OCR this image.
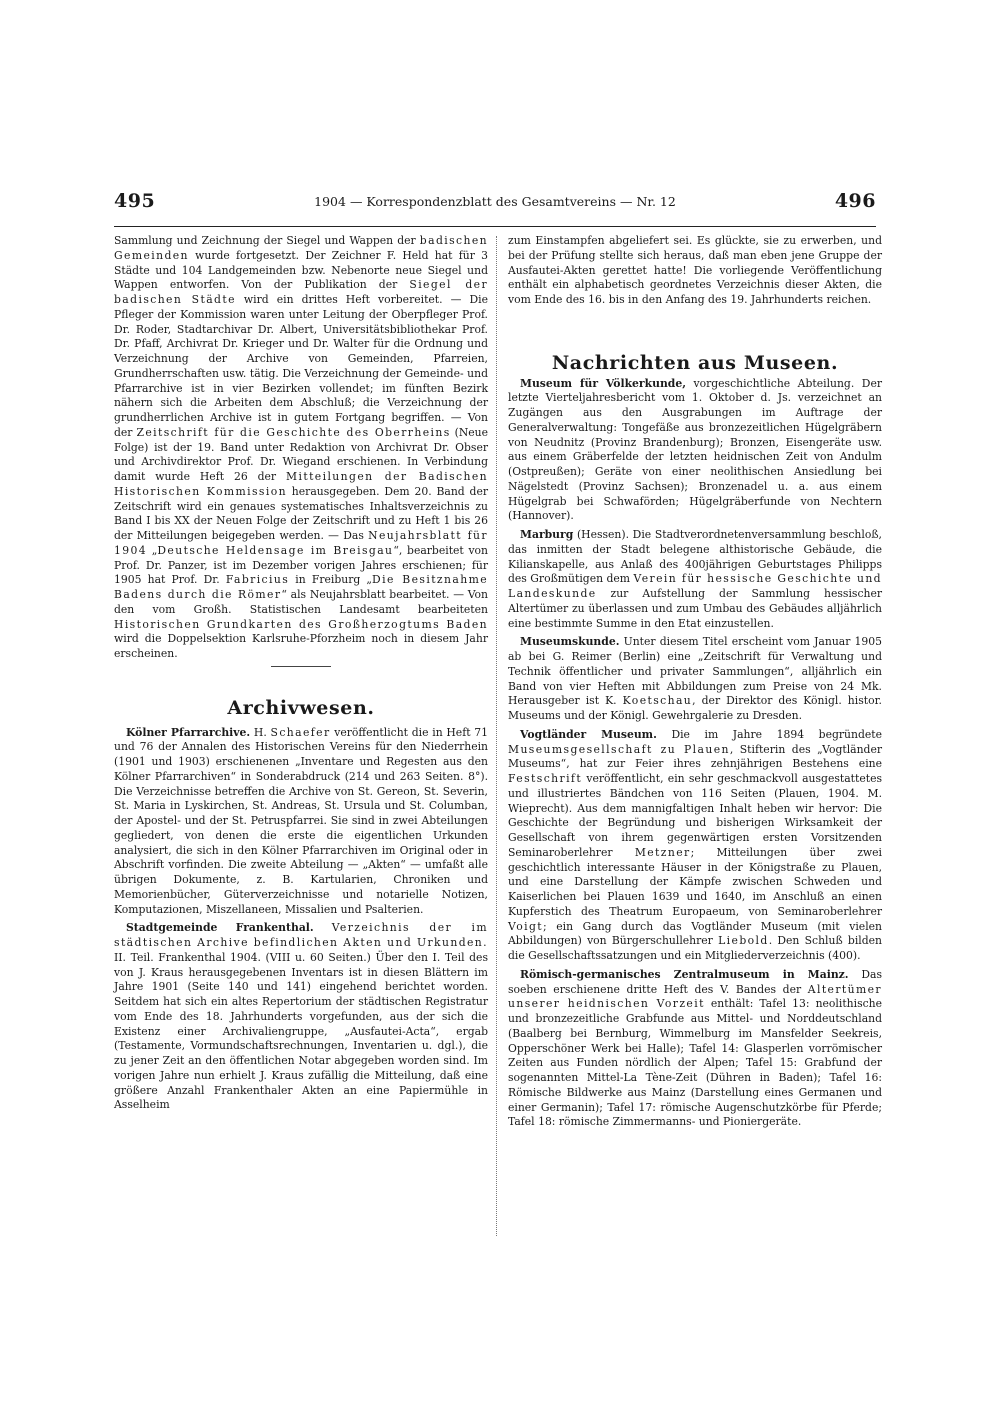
495	1904 — Korrespondenzblatt des Gesamtvereins — Nr. 12	496

Sammlung und Zeichnung der Siegel und Wappen der badischen Gemeinden wurde fortgesetzt. Der Zeichner F. Held hat für 3 Städte und 104 Landgemeinden bzw. Nebenorte neue Siegel und Wappen entworfen. Von der Publikation der Siegel der badischen Städte wird ein drittes Heft vorbereitet. — Die Pfleger der Kommission waren unter Leitung der Oberpfleger Prof. Dr. Roder, Stadtarchivar Dr. Albert, Universitätsbibliothekar Prof. Dr. Pfaff, Archivrat Dr. Krieger und Dr. Walter für die Ordnung und Verzeichnung der Archive von Gemeinden, Pfarreien, Grundherrschaften usw. tätig. Die Verzeichnung der Gemeinde- und Pfarrarchive ist in vier Bezirken vollendet; im fünften Bezirk nähern sich die Arbeiten dem Abschluß; die Verzeichnung der grundherrlichen Archive ist in gutem Fortgang begriffen. — Von der Zeitschrift für die Geschichte des Oberrheins (Neue Folge) ist der 19. Band unter Redaktion von Archivrat Dr. Obser und Archivdirektor Prof. Dr. Wiegand erschienen. In Verbindung damit wurde Heft 26 der Mitteilungen der Badischen Historischen Kommission herausgegeben. Dem 20. Band der Zeitschrift wird ein genaues systematisches Inhaltsverzeichnis zu Band I bis XX der Neuen Folge der Zeitschrift und zu Heft 1 bis 26 der Mitteilungen beigegeben werden. — Das Neujahrsblatt für 1904 „Deutsche Heldensage im Breisgau“, bearbeitet von Prof. Dr. Panzer, ist im Dezember vorigen Jahres erschienen; für 1905 hat Prof. Dr. Fabricius in Freiburg „Die Besitznahme Badens durch die Römer“ als Neujahrsblatt bearbeitet. — Von den vom Großh. Statistischen Landesamt bearbeiteten Historischen Grundkarten des Großherzogtums Baden wird die Doppelsektion Karlsruhe-Pforzheim noch in diesem Jahr erscheinen.

Archivwesen.

Kölner Pfarrarchive. H. Schaefer veröffentlicht die in Heft 71 und 76 der Annalen des Historischen Vereins für den Niederrhein (1901 und 1903) erschienenen „Inventare und Regesten aus den Kölner Pfarrarchiven“ in Sonderabdruck (214 und 263 Seiten. 8°). Die Verzeichnisse betreffen die Archive von St. Gereon, St. Severin, St. Maria in Lyskirchen, St. Andreas, St. Ursula und St. Columban, der Apostel- und der St. Petruspfarrei. Sie sind in zwei Abteilungen gegliedert, von denen die erste die eigentlichen Urkunden analysiert, die sich in den Kölner Pfarrarchiven im Original oder in Abschrift vorfinden. Die zweite Abteilung — „Akten“ — umfaßt alle übrigen Dokumente, z. B. Kartularien, Chroniken und Memorienbücher, Güterverzeichnisse und notarielle Notizen, Komputazionen, Miszellaneen, Missalien und Psalterien.

Stadtgemeinde Frankenthal. Verzeichnis der im städtischen Archive befindlichen Akten und Urkunden. II. Teil. Frankenthal 1904. (VIII u. 60 Seiten.) Über den I. Teil des von J. Kraus herausgegebenen Inventars ist in diesen Blättern im Jahre 1901 (Seite 140 und 141) eingehend berichtet worden. Seitdem hat sich ein altes Repertorium der städtischen Registratur vom Ende des 18. Jahrhunderts vorgefunden, aus der sich die Existenz einer Archivaliengruppe, „Ausfautei-Acta“, ergab (Testamente, Vormundschaftsrechnungen, Inventarien u. dgl.), die zu jener Zeit an den öffentlichen Notar abgegeben worden sind. Im vorigen Jahre nun erhielt J. Kraus zufällig die Mitteilung, daß eine größere Anzahl Frankenthaler Akten an eine Papiermühle in Asselheim

zum Einstampfen abgeliefert sei. Es glückte, sie zu erwerben, und bei der Prüfung stellte sich heraus, daß man eben jene Gruppe der Ausfautei-Akten gerettet hatte! Die vorliegende Veröffentlichung enthält ein alphabetisch geordnetes Verzeichnis dieser Akten, die vom Ende des 16. bis in den Anfang des 19. Jahrhunderts reichen.

Nachrichten aus Museen.

Museum für Völkerkunde, vorgeschichtliche Abteilung. Der letzte Vierteljahresbericht vom 1. Oktober d. Js. verzeichnet an Zugängen aus den Ausgrabungen im Auftrage der Generalverwaltung: Tongefäße aus bronzezeitlichen Hügelgräbern von Neudnitz (Provinz Brandenburg); Bronzen, Eisengeräte usw. aus einem Gräberfelde der letzten heidnischen Zeit von Andulm (Ostpreußen); Geräte von einer neolithischen Ansiedlung bei Nägelstedt (Provinz Sachsen); Bronzenadel u. a. aus einem Hügelgrab bei Schwaförden; Hügelgräberfunde von Nechtern (Hannover).

Marburg (Hessen). Die Stadtverordnetenversammlung beschloß, das inmitten der Stadt belegene althistorische Gebäude, die Kilianskapelle, aus Anlaß des 400jährigen Geburtstages Philipps des Großmütigen dem Verein für hessische Geschichte und Landeskunde zur Aufstellung der Sammlung hessischer Altertümer zu überlassen und zum Umbau des Gebäudes alljährlich eine bestimmte Summe in den Etat einzustellen.

Museumskunde. Unter diesem Titel erscheint vom Januar 1905 ab bei G. Reimer (Berlin) eine „Zeitschrift für Verwaltung und Technik öffentlicher und privater Sammlungen“, alljährlich ein Band von vier Heften mit Abbildungen zum Preise von 24 Mk. Herausgeber ist K. Koetschau, der Direktor des Königl. histor. Museums und der Königl. Gewehrgalerie zu Dresden.

Vogtländer Museum. Die im Jahre 1894 begründete Museumsgesellschaft zu Plauen, Stifterin des „Vogtländer Museums“, hat zur Feier ihres zehnjährigen Bestehens eine Festschrift veröffentlicht, ein sehr geschmackvoll ausgestattetes und illustriertes Bändchen von 116 Seiten (Plauen, 1904. M. Wieprecht). Aus dem mannigfaltigen Inhalt heben wir hervor: Die Geschichte der Begründung und bisherigen Wirksamkeit der Gesellschaft von ihrem gegenwärtigen ersten Vorsitzenden Seminaroberlehrer Metzner; Mitteilungen über zwei geschichtlich interessante Häuser in der Königstraße zu Plauen, und eine Darstellung der Kämpfe zwischen Schweden und Kaiserlichen bei Plauen 1639 und 1640, im Anschluß an einen Kupferstich des Theatrum Europaeum, von Seminaroberlehrer Voigt; ein Gang durch das Vogtländer Museum (mit vielen Abbildungen) von Bürgerschullehrer Liebold. Den Schluß bilden die Gesellschaftssatzungen und ein Mitgliederverzeichnis (400).

Römisch-germanisches Zentralmuseum in Mainz. Das soeben erschienene dritte Heft des V. Bandes der Altertümer unserer heidnischen Vorzeit enthält: Tafel 13: neolithische und bronzezeitliche Grabfunde aus Mittel- und Norddeutschland (Baalberg bei Bernburg, Wimmelburg im Mansfelder Seekreis, Opperschöner Werk bei Halle); Tafel 14: Glasperlen vorrömischer Zeiten aus Funden nördlich der Alpen; Tafel 15: Grabfund der sogenannten Mittel-La Tène-Zeit (Dühren in Baden); Tafel 16: Römische Bildwerke aus Mainz (Darstellung eines Germanen und einer Germanin); Tafel 17: römische Augenschutzkörbe für Pferde; Tafel 18: römische Zimmermanns- und Pioniergeräte.
